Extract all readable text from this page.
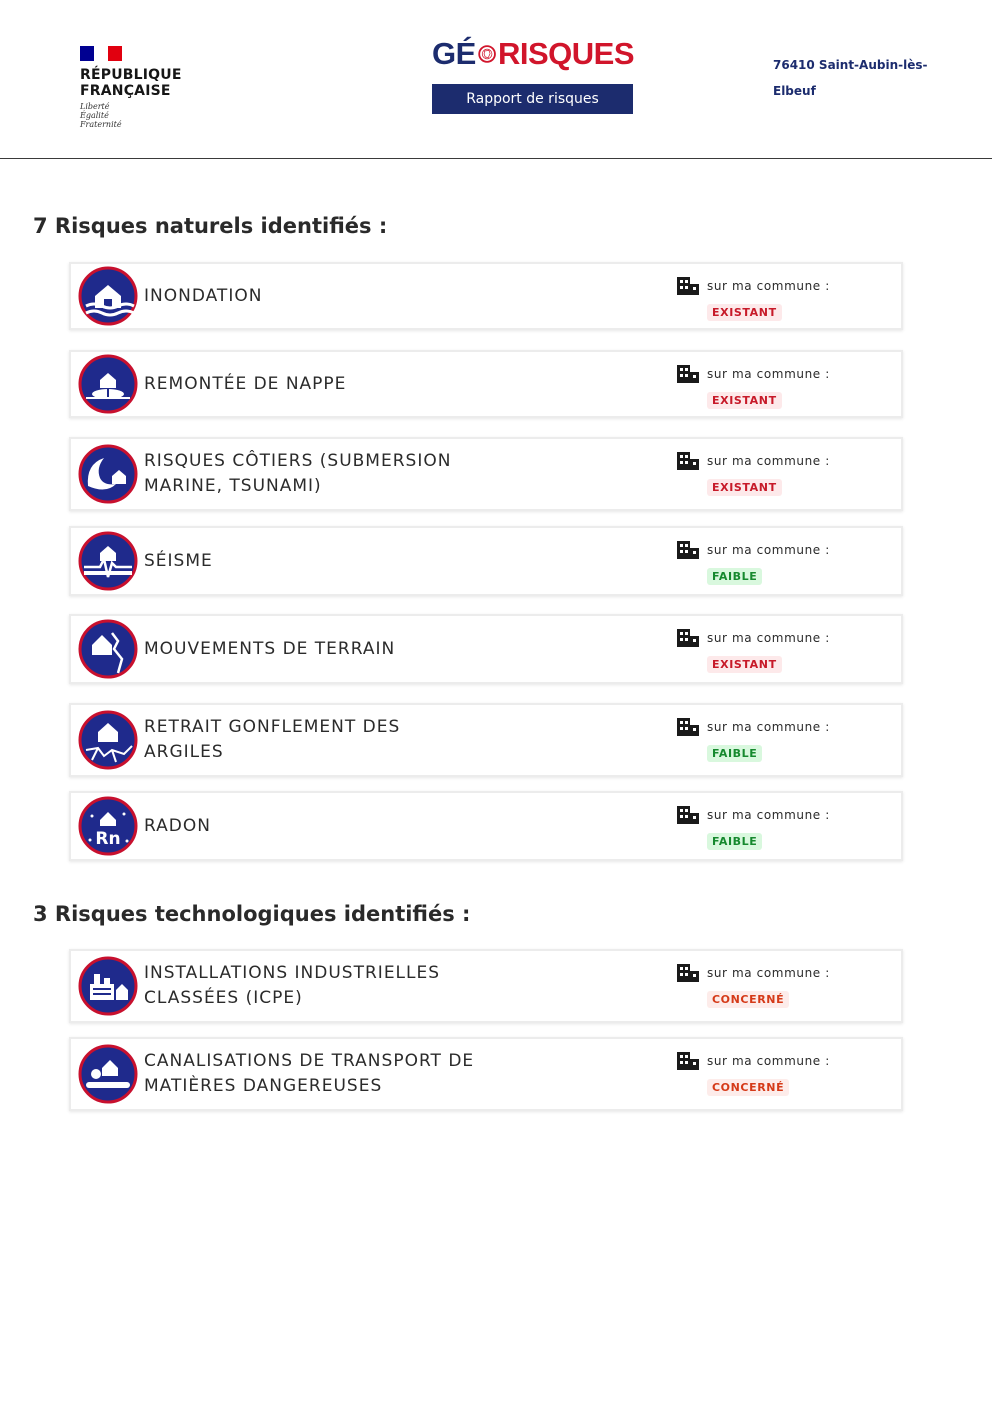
RÉPUBLIQUE
FRANÇAISE
Liberté
Égalité
Fraternité
GÉ RISQUES
Rapport de risques
76410 Saint-Aubin-lès-
Elbeuf
7 Risques naturels identifiés :
INONDATION	sur ma commune :
EXISTANT
REMONTÉE DE NAPPE	sur ma commune :
EXISTANT
RISQUES CÔTIERS (SUBMERSION MARINE, TSUNAMI)
sur ma commune :
EXISTANT
SÉISME
sur ma commune :
FAIBLE
MOUVEMENTS DE TERRAIN
sur ma commune :
EXISTANT
RETRAIT GONFLEMENT DES ARGILES
sur ma commune :
FAIBLE
Rn
RADON
sur ma commune :
FAIBLE
3 Risques technologiques identifiés :
INSTALLATIONS INDUSTRIELLES CLASSÉES (ICPE)
sur ma commune :
CONCERNÉ
CANALISATIONS DE TRANSPORT DE MATIÈRES DANGEREUSES
sur ma commune :
CONCERNÉ
